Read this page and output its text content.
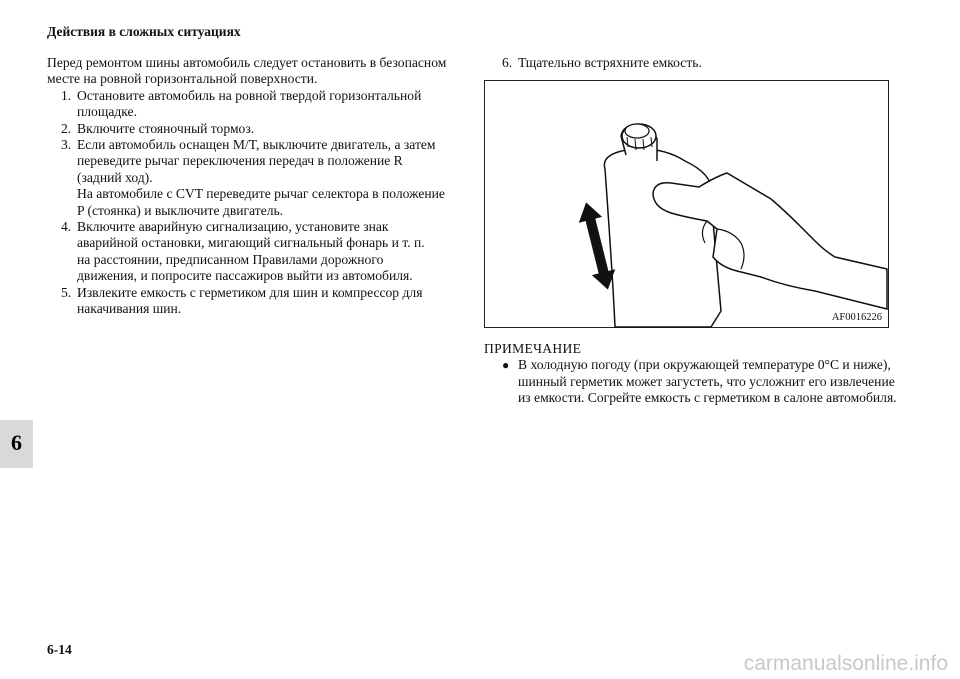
Действия в сложных ситуациях

Перед ремонтом шины автомобиль следует остановить в безопасном месте на ровной горизонтальной поверхности.

1. Остановите автомобиль на ровной твердой горизонтальной
площадке.
2. Включите стояночный тормоз.
3. Если автомобиль оснащен M/T, выключите двигатель, а затем
переведите рычаг переключения передач в положение R
(задний ход).
На автомобиле с CVT переведите рычаг селектора в положение
P (стоянка) и выключите двигатель.
4. Включите аварийную сигнализацию, установите знак
аварийной остановки, мигающий сигнальный фонарь и т. п.
на расстоянии, предписанном Правилами дорожного
движения, и попросите пассажиров выйти из автомобиля.
5. Извлеките емкость с герметиком для шин и компрессор для
накачивания шин.
6. Тщательно встряхните емкость.
AF0016226
ПРИМЕЧАНИЕ
● В холодную погоду (при окружающей температуре 0°C и ниже),
шинный герметик может загустеть, что усложнит его извлечение
из емкости. Согрейте емкость с герметиком в салоне автомобиля.
6
6-14
carmanualsonline.info
